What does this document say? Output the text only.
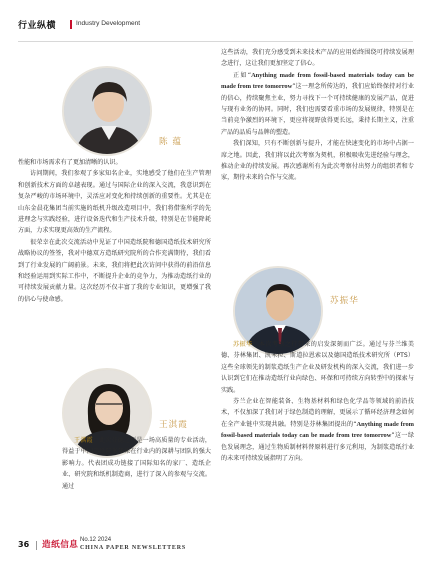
行业纵横	Industry Development
陈 蕴
苏振华
王淇霞

性能和市场需求有了更加清晰的认识。

访问期间，我们参观了多家知名企业，实地感受了他们在生产管理和创新技术方面的卓越表现。通过与国际企业的深入交流，我意识到在复杂严峻的市场环境中，灵活应对变化和持续创新的重要性。尤其是在山东金晨花集团当前实施的纸机升级改造项目中，我们将借鉴所学的先进理念与实践经验，进行设备迭代和生产技术升级，特别是在节能降耗方面，力求实现更高效的生产流程。

很荣幸在此次交流活动中见证了中国造纸院和德国造纸技术研究所战略协议的签签，我对中德双方造纸研究院所的合作充满期待，我们看到了行业发展的广阔前景。未来，我们将把此次访问中获得的前沿信息和经验运用到实际工作中，不断提升企业的竞争力，为推动造纸行业的可持续发展贡献力量。这次经历不仅丰富了我的专业知识，更增强了我的信心与使命感。

王淇霞：此次芬德之行是一场高质量的专业活动，得益于中国造纸院多年来在行业内的深耕与团队的强大影响力。代表团成功链接了国际知名的家厂、造纸企业、研究院和纸机制造商，进行了深入的参观与交流。通过

这些活动，我们充分感受到未来技术产品的应用始终围绕可持续发展理念进行，这让我们更加坚定了信心。

正如“Anything made from fossil-based materials today can be made from tree tomorrow”这一理念所传达的，我们应始终保持对行业的信心，持续聚焦主业，努力寻找下一个可持续健康的发展产品，促进与现有业务的协同。同时，我们也需要看重市场的发展规律，特别是在当前竞争激烈的环境下，更应将视野放得更长远，秉持长期主义，注重产品的品质与品牌的塑造。

我们深知，只有不断创新与提升，才能在快速变化的市场中占据一席之地。因此，我们将以此次考察为契机，积极吸收先进经验与理念，推动企业的持续发展。再次感谢所有为此次考察付出努力的组织者和专家，期待未来的合作与交流。

苏振华：本次考察之行带来的启发深刻而广泛。通过与芬兰维美德、芬林集团、凯米拉、斯道拉恩索以及德国造纸技术研究所（PTS）这些全球领先的制浆造纸生产企业及研发机构的深入交流，我们进一步认识到它们在推动造纸行业向绿色、环保和可持续方向转型中的探索与实践。

芬兰企业在智能装备、生物基材料和绿色化学品等领域的前沿技术，不仅加深了我们对于绿色制造的理解，更展示了循环经济理念如何在全产业链中实现共融。特别是芬林集团提出的“Anything made from fossil-based materials today can be made from tree tomorrow”这一绿色发展理念，通过生物质制材料替原料进行多元利用，为制浆造纸行业的未来可持续发展指明了方向。

36 造纸信息 No.12 2024
CHINA PAPER NEWSLETTERS
